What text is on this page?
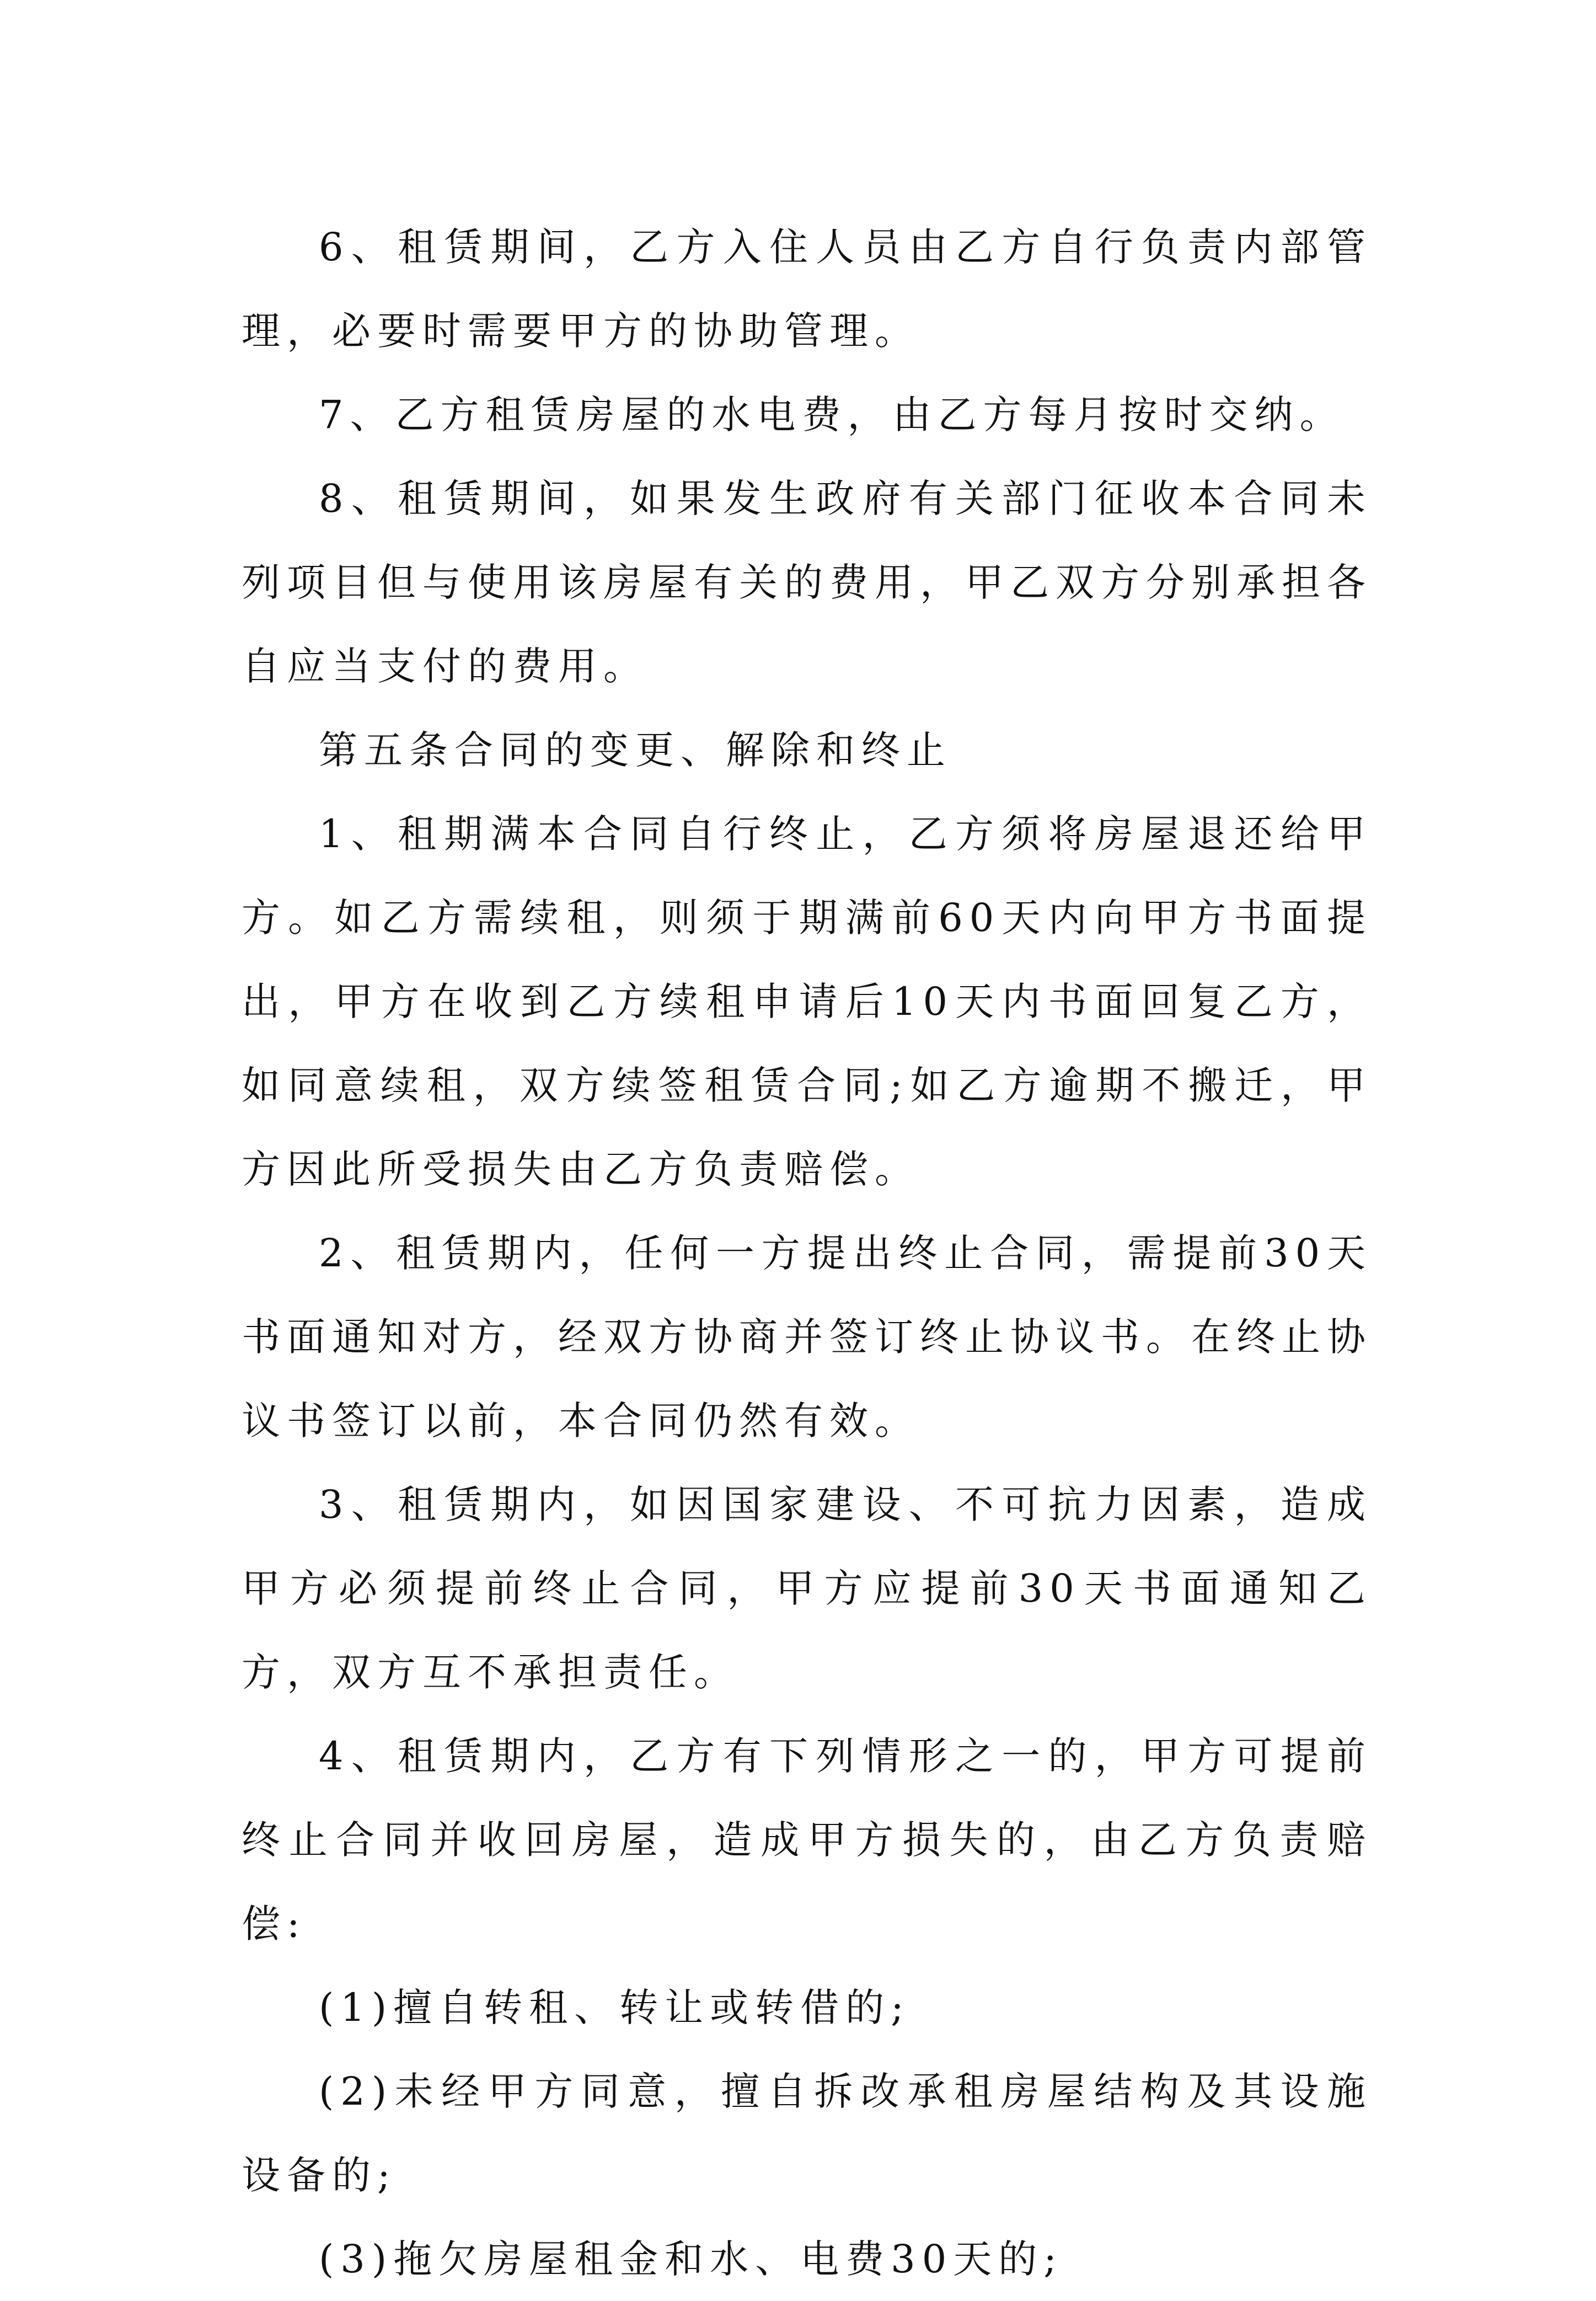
6、租赁期间，乙方入住人员由乙方自行负责内部管理，必要时需要甲方的协助管理。

7、乙方租赁房屋的水电费，由乙方每月按时交纳。

8、租赁期间，如果发生政府有关部门征收本合同未列项目但与使用该房屋有关的费用，甲乙双方分别承担各自应当支付的费用。

第五条合同的变更、解除和终止

1、租期满本合同自行终止，乙方须将房屋退还给甲方。如乙方需续租，则须于期满前60天内向甲方书面提出，甲方在收到乙方续租申请后10天内书面回复乙方，如同意续租，双方续签租赁合同;如乙方逾期不搬迁，甲方因此所受损失由乙方负责赔偿。

2、租赁期内，任何一方提出终止合同，需提前30天书面通知对方，经双方协商并签订终止协议书。在终止协议书签订以前，本合同仍然有效。

3、租赁期内，如因国家建设、不可抗力因素，造成甲方必须提前终止合同，甲方应提前30天书面通知乙方，双方互不承担责任。

4、租赁期内，乙方有下列情形之一的，甲方可提前终止合同并收回房屋，造成甲方损失的，由乙方负责赔偿:

(1)擅自转租、转让或转借的;

(2)未经甲方同意，擅自拆改承租房屋结构及其设施设备的;

(3)拖欠房屋租金和水、电费30天的;
